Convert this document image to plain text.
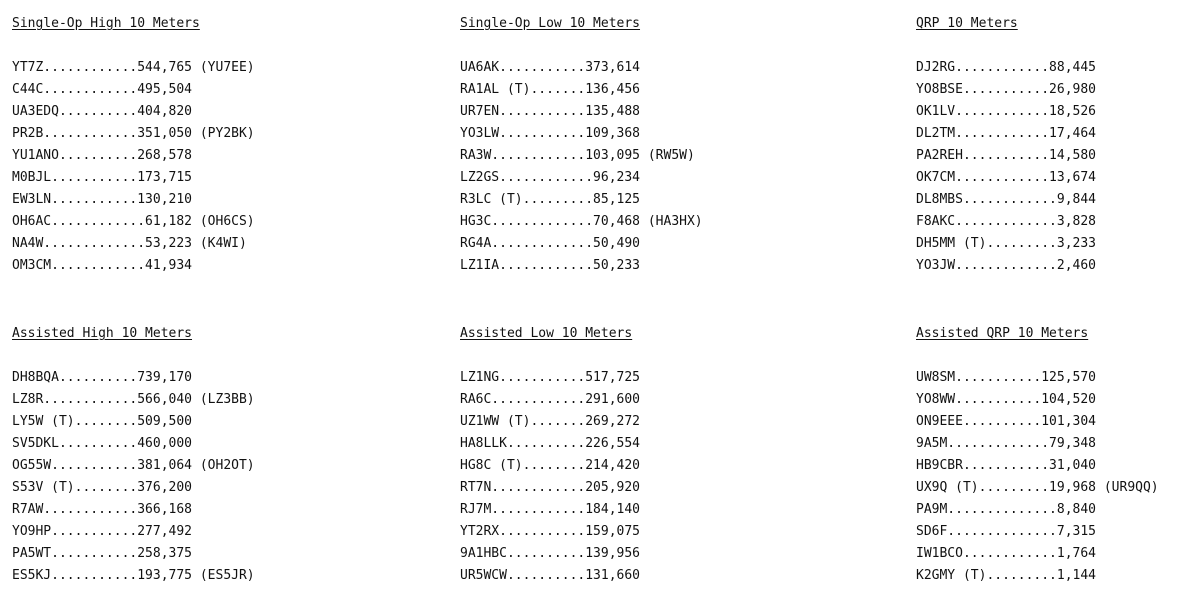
Single-Op High 10 Meters
YT7Z............544,765 (YU7EE)
C44C............495,504
UA3EDQ..........404,820
PR2B............351,050 (PY2BK)
YU1ANO..........268,578
M0BJL...........173,715
EW3LN...........130,210
OH6AC............61,182 (OH6CS)
NA4W.............53,223 (K4WI)
OM3CM............41,934
Single-Op Low 10 Meters
UA6AK...........373,614
RA1AL (T).......136,456
UR7EN...........135,488
YO3LW...........109,368
RA3W............103,095 (RW5W)
LZ2GS............96,234
R3LC (T).........85,125
HG3C.............70,468 (HA3HX)
RG4A.............50,490
LZ1IA............50,233
QRP 10 Meters
DJ2RG............88,445
YO8BSE...........26,980
OK1LV............18,526
DL2TM............17,464
PA2REH...........14,580
OK7CM............13,674
DL8MBS............9,844
F8AKC.............3,828
DH5MM (T).........3,233
YO3JW.............2,460
Assisted High 10 Meters
DH8BQA..........739,170
LZ8R............566,040 (LZ3BB)
LY5W (T)........509,500
SV5DKL..........460,000
OG55W...........381,064 (OH2OT)
S53V (T)........376,200
R7AW............366,168
YO9HP...........277,492
PA5WT...........258,375
ES5KJ...........193,775 (ES5JR)
Assisted Low 10 Meters
LZ1NG...........517,725
RA6C............291,600
UZ1WW (T).......269,272
HA8LLK..........226,554
HG8C (T)........214,420
RT7N............205,920
RJ7M............184,140
YT2RX...........159,075
9A1HBC..........139,956
UR5WCW..........131,660
Assisted QRP 10 Meters
UW8SM...........125,570
YO8WW...........104,520
ON9EEE..........101,304
9A5M.............79,348
HB9CBR...........31,040
UX9Q (T).........19,968 (UR9QQ)
PA9M..............8,840
SD6F..............7,315
IW1BCO............1,764
K2GMY (T).........1,144
